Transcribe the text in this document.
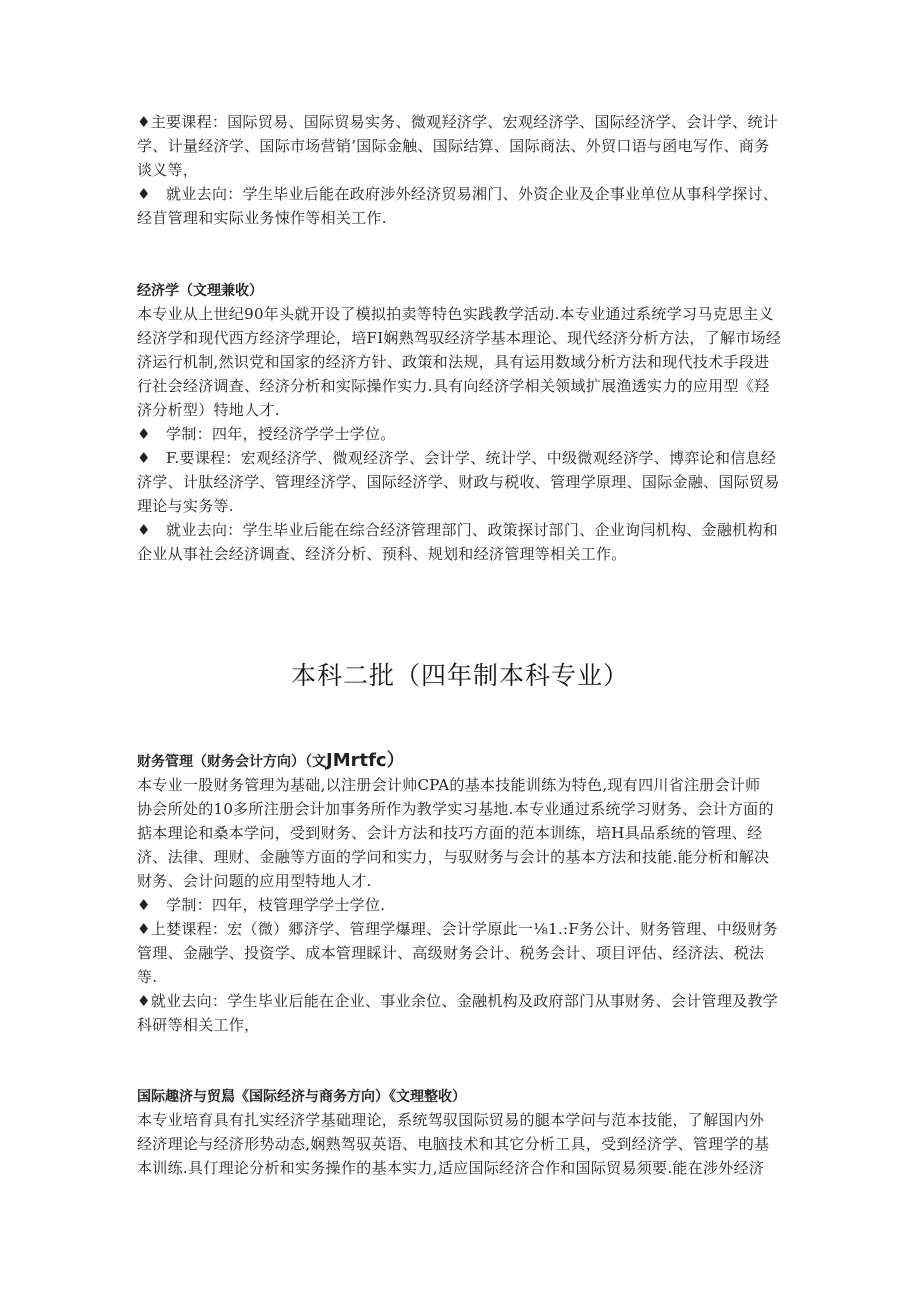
♦主要课程：国际贸易、国际贸易实务、微观羟济学、宏观经济学、国际经济学、会计学、统计
学、计量经济学、国际市场营销’国际金触、国际结算、国际商法、外贸口语与函电写作、商务
谈义等，
♦　就业去向：学生毕业后能在政府涉外经济贸易湘门、外资企业及企事业单位从事科学探讨、
经苜管理和实际业务悚作等相关工作.
经济学（文理兼收）
本专业从上世纪90年头就开设了模拟拍卖等特色实践教学活动.本专业通过系统学习马克思主义
经济学和现代西方经济学理论，培FI娴熟驾驭经济学基本理论、现代经济分析方法，了解市场经
济运行机制,然识党和国家的经济方针、政策和法规，具有运用数域分析方法和现代技术手段进
行社会经济调查、经济分析和实际操作实力.具有向经济学相关领域扩展渔透实力的应用型《羟
济分析型）特地人才.
♦　学制：四年，授经济学学士学位。
♦　F.要课程：宏观经济学、微观经济学、会计学、统计学、中级微观经济学、博弈论和信息经
济学、计肽经济学、管理经济学、国际经济学、财政与税收、管理学原理、国际金融、国际贸易
理论与实务等.
♦　就业去向：学生毕业后能在综合经济管理部门、政策探讨部门、企业询闫机构、金融机构和
企业从事社会经济调查、经济分析、预科、规划和经济管理等相关工作。
本科二批（四年制本科专业）
财务管理（财务会计方向）（文JMrtfc）
本专业一股财务管理为基础,以注册会计帅CPA的基本技能训练为特色,现有四川省注册会计师
协会所处的10多所注册会计加事务所作为教学实习基地.本专业通过系统学习财务、会计方面的
掂本理论和桑本学问，受到财务、会计方法和技巧方面的范本训练，培H具品系统的管理、经
济、法律、理财、金融等方面的学问和实力，与驭财务与会计的基本方法和技能.能分析和解决
财务、会计问题的应用型特地人才.
♦　学制：四年，枝管理学学士学位.
♦上婪课程：宏（微）郷济学、管理学爆理、会计学原此一⅛1.:F务公计、财务管理、中级财务
管理、金融学、投资学、成本管理睬计、高级财务会计、税务会计、项目评估、经济法、税法
等.
♦就业去向：学生毕业后能在企业、事业余位、金融机构及政府部门从事财务、会计管理及教学
科研等相关工作，
国际趣济与贸舃《国际经济与商务方向）《文理整收）
本专业培育具有扎实经济学基础理论，系统驾驭国际贸易的腿本学问与范本技能，了解国内外
经济理论与经济形势动态,娴熟驾驭英语、电脑技术和其它分析工具，受到经济学、管理学的基
本训练.具仃理论分析和实务操作的基本实力,适应国际经济合作和国际贸易须要.能在涉外经济
